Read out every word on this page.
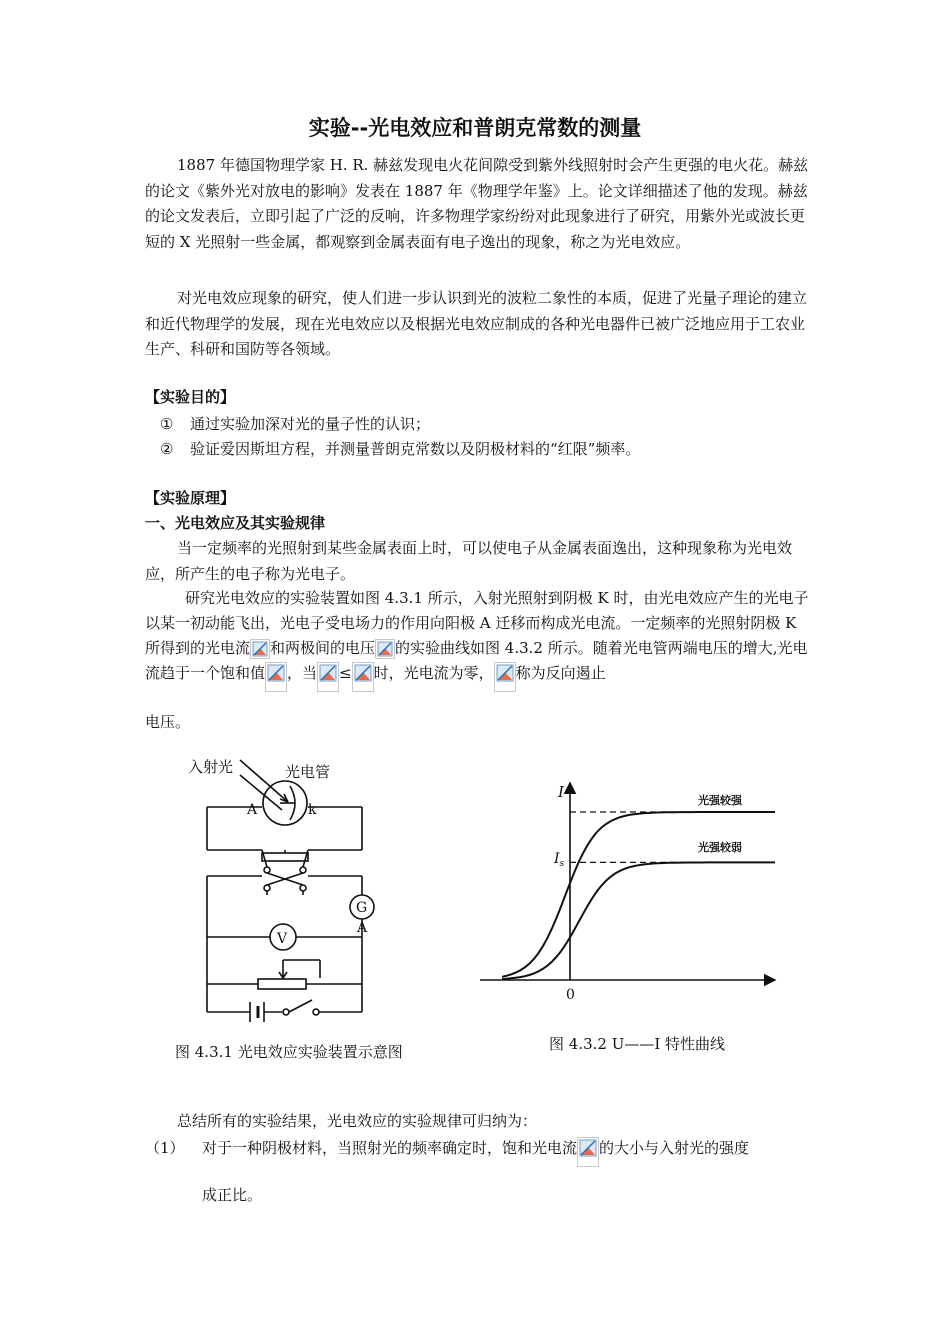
实验--光电效应和普朗克常数的测量

1887 年德国物理学家 H. R. 赫兹发现电火花间隙受到紫外线照射时会产生更强的电火花。赫兹的论文《紫外光对放电的影响》发表在 1887 年《物理学年鉴》上。论文详细描述了他的发现。赫兹的论文发表后，立即引起了广泛的反响，许多物理学家纷纷对此现象进行了研究，用紫外光或波长更短的 X 光照射一些金属，都观察到金属表面有电子逸出的现象，称之为光电效应。

对光电效应现象的研究，使人们进一步认识到光的波粒二象性的本质，促进了光量子理论的建立和近代物理学的发展，现在光电效应以及根据光电效应制成的各种光电器件已被广泛地应用于工农业生产、科研和国防等各领域。

【实验目的】
① 通过实验加深对光的量子性的认识；
② 验证爱因斯坦方程，并测量普朗克常数以及阴极材料的“红限”频率。
【实验原理】
一、光电效应及其实验规律

当一定频率的光照射到某些金属表面上时，可以使电子从金属表面逸出，这种现象称为光电效应，所产生的电子称为光电子。

研究光电效应的实验装置如图 4.3.1 所示，入射光照射到阴极 K 时，由光电效应产生的光电子以某一初动能飞出，光电子受电场力的作用向阳极 A 迁移而构成光电流。一定频率的光照射阴极 K 所得到的光电流 和两极间的电压 的实验曲线如图 4.3.2 所示。随着光电管两端电压的增大,光电流趋于一个饱和值 ，当 ≤ 时，光电流为零， 称为反向遏止

电压。
入射光	光电管
A	k
G
A
V
图 4.3.1 光电效应实验装置示意图
I
$I_s$
0
光强较强
光强较弱
图 4.3.2 U——I 特性曲线

总结所有的实验结果，光电效应的实验规律可归纳为：

（1） 对于一种阴极材料，当照射光的频率确定时，饱和光电流 的大小与入射光的强度
成正比。
